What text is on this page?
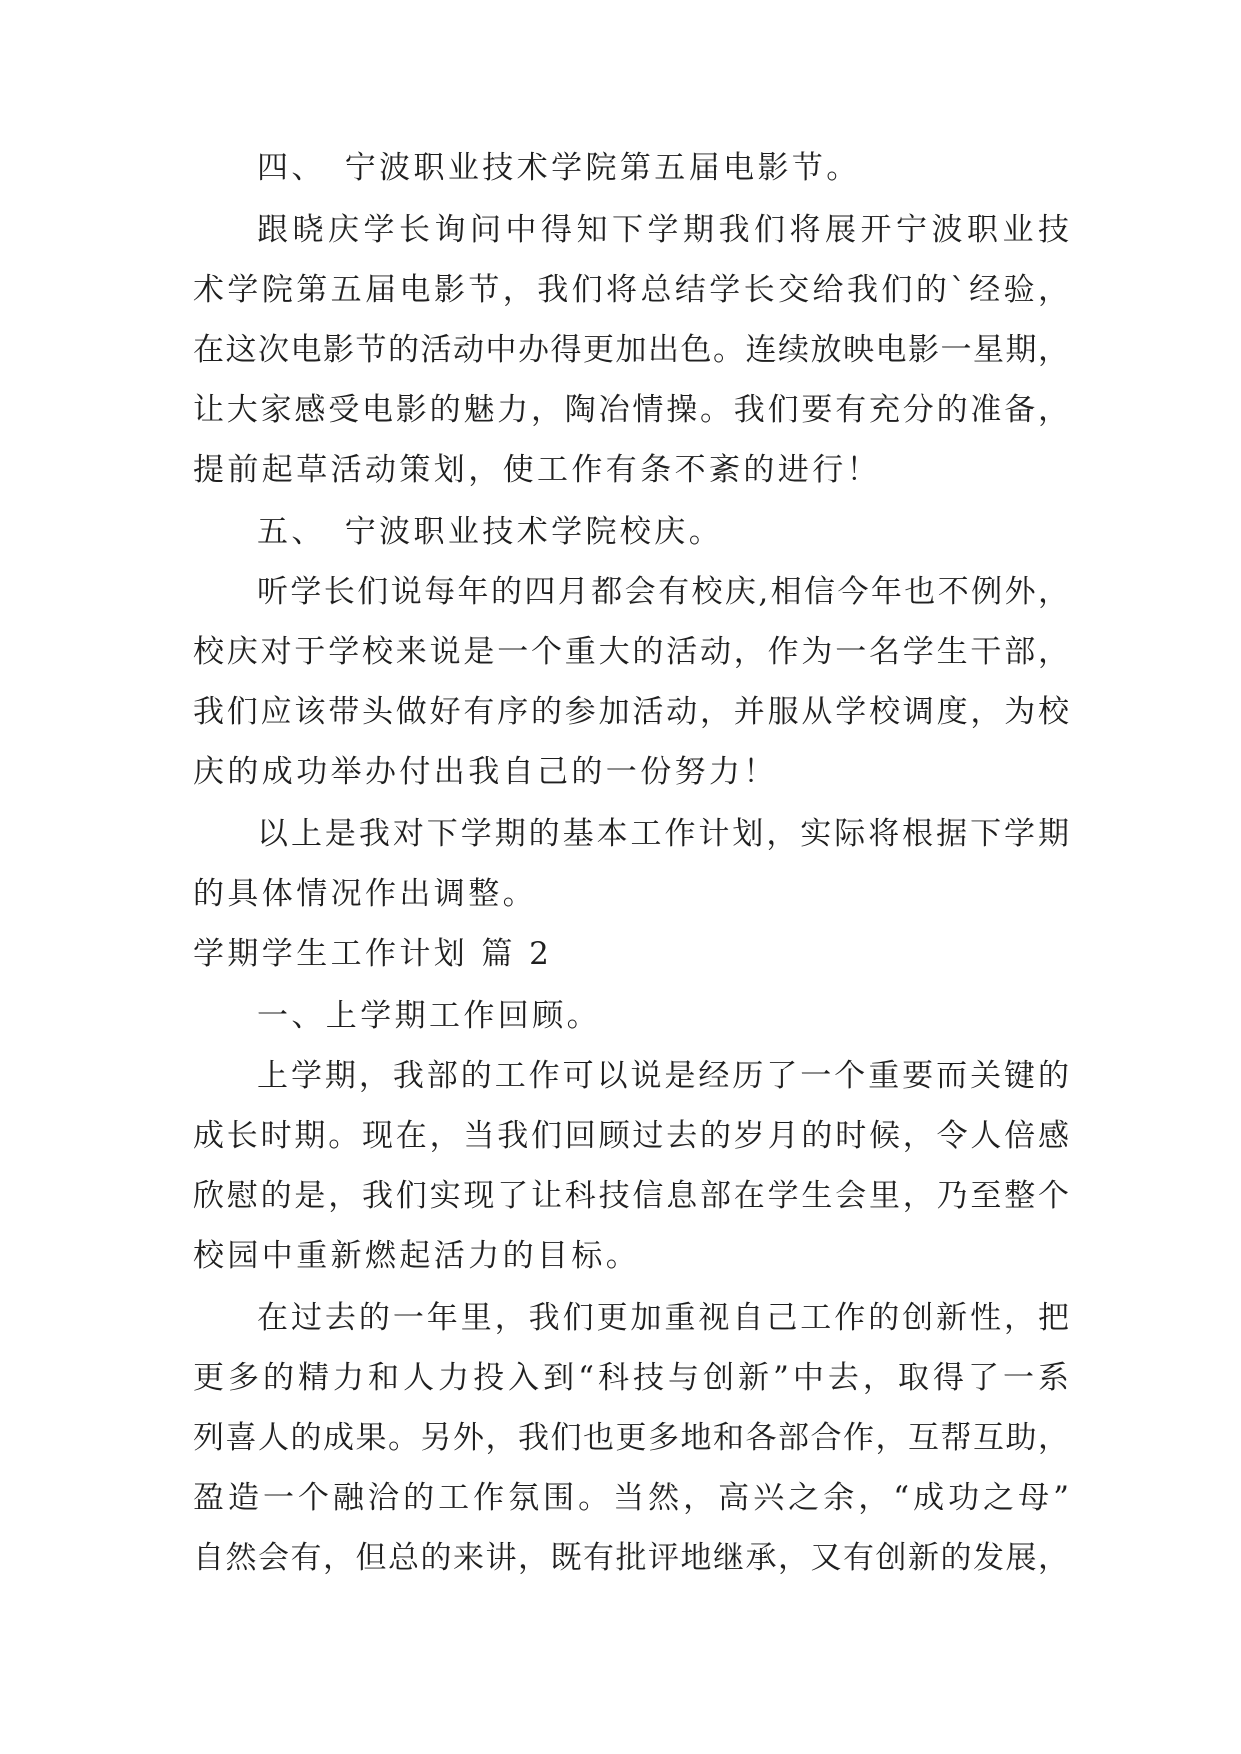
四、　宁波职业技术学院第五届电影节。
跟晓庆学长询问中得知下学期我们将展开宁波职业技
术学院第五届电影节，我们将总结学长交给我们的`经验，
在这次电影节的活动中办得更加出色。连续放映电影一星期，
让大家感受电影的魅力，陶冶情操。我们要有充分的准备，
提前起草活动策划，使工作有条不紊的进行！
五、　宁波职业技术学院校庆。
听学长们说每年的四月都会有校庆,相信今年也不例外，
校庆对于学校来说是一个重大的活动，作为一名学生干部，
我们应该带头做好有序的参加活动，并服从学校调度，为校
庆的成功举办付出我自己的一份努力！
以上是我对下学期的基本工作计划，实际将根据下学期
的具体情况作出调整。
学期学生工作计划 篇 2
一、上学期工作回顾。
上学期，我部的工作可以说是经历了一个重要而关键的
成长时期。现在，当我们回顾过去的岁月的时候，令人倍感
欣慰的是，我们实现了让科技信息部在学生会里，乃至整个
校园中重新燃起活力的目标。
在过去的一年里，我们更加重视自己工作的创新性，把
更多的精力和人力投入到“科技与创新”中去，取得了一系
列喜人的成果。另外，我们也更多地和各部合作，互帮互助，
盈造一个融洽的工作氛围。当然，高兴之余，“成功之母”
自然会有，但总的来讲，既有批评地继承，又有创新的发展，
